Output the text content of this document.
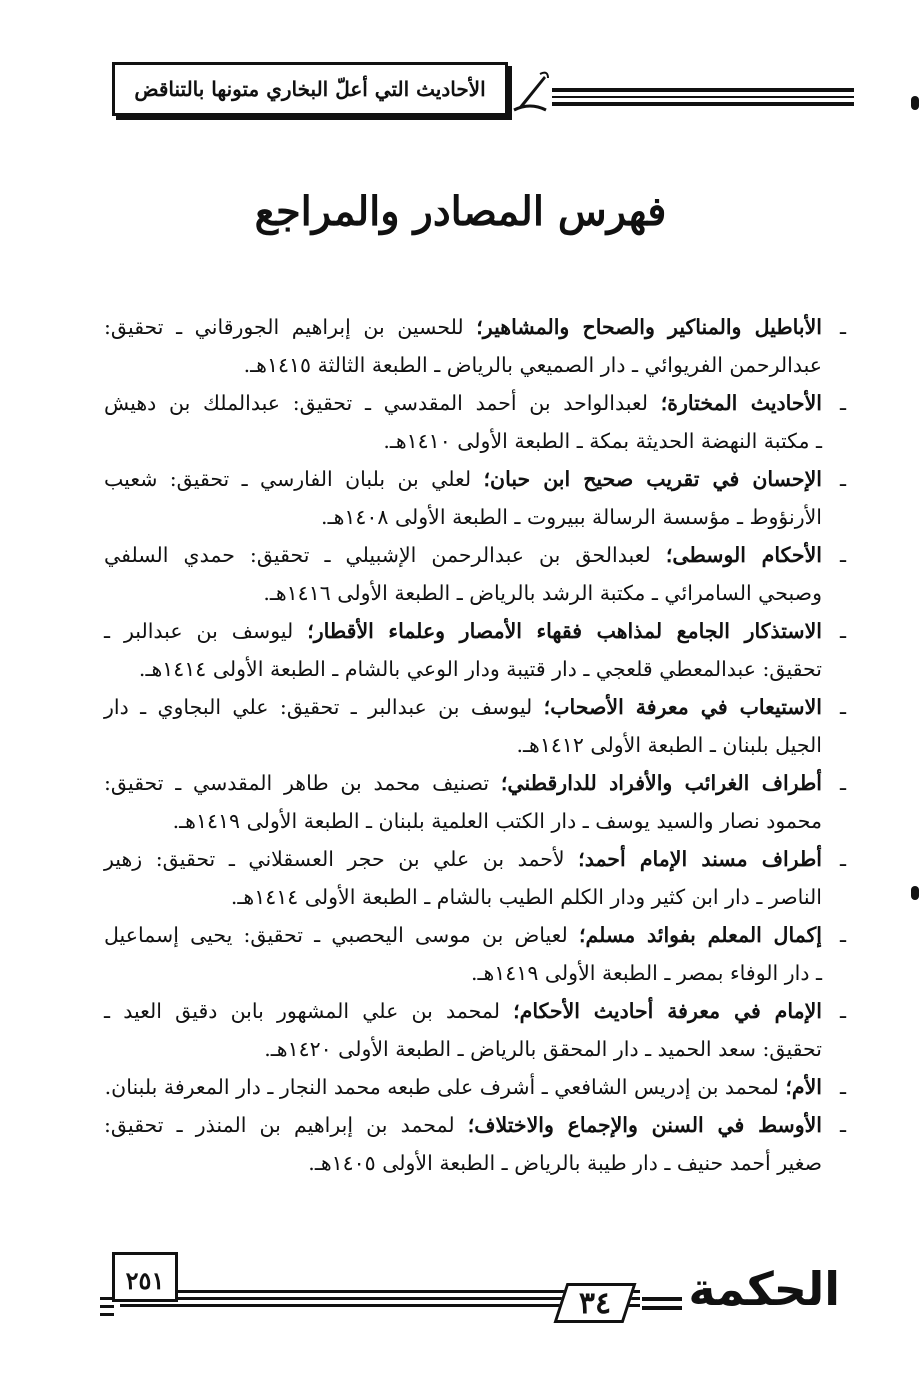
الأحاديث التي أعلّ البخاري متونها بالتناقض
فهرس المصادر والمراجع
ـ
الأباطيل والمناكير والصحاح والمشاهير؛ للحسين بن إبراهيم الجورقاني ـ تحقيق:
عبدالرحمن الفريوائي ـ دار الصميعي بالرياض ـ الطبعة الثالثة ١٤١٥هـ.
ـ
الأحاديث المختارة؛ لعبدالواحد بن أحمد المقدسي ـ تحقيق: عبدالملك بن دهيش
ـ مكتبة النهضة الحديثة بمكة ـ الطبعة الأولى ١٤١٠هـ.
ـ
الإحسان في تقريب صحيح ابن حبان؛ لعلي بن بلبان الفارسي ـ تحقيق: شعيب
الأرنؤوط ـ مؤسسة الرسالة ببيروت ـ الطبعة الأولى ١٤٠٨هـ.
ـ
الأحكام الوسطى؛ لعبدالحق بن عبدالرحمن الإشبيلي ـ تحقيق: حمدي السلفي
وصبحي السامرائي ـ مكتبة الرشد بالرياض ـ الطبعة الأولى ١٤١٦هـ.
ـ
الاستذكار الجامع لمذاهب فقهاء الأمصار وعلماء الأقطار؛ ليوسف بن عبدالبر ـ
تحقيق: عبدالمعطي قلعجي ـ دار قتيبة ودار الوعي بالشام ـ الطبعة الأولى ١٤١٤هـ.
ـ
الاستيعاب في معرفة الأصحاب؛ ليوسف بن عبدالبر ـ تحقيق: علي البجاوي ـ دار
الجيل بلبنان ـ الطبعة الأولى ١٤١٢هـ.
ـ
أطراف الغرائب والأفراد للدارقطني؛ تصنيف محمد بن طاهر المقدسي ـ تحقيق:
محمود نصار والسيد يوسف ـ دار الكتب العلمية بلبنان ـ الطبعة الأولى ١٤١٩هـ.
ـ
أطراف مسند الإمام أحمد؛ لأحمد بن علي بن حجر العسقلاني ـ تحقيق: زهير
الناصر ـ دار ابن كثير ودار الكلم الطيب بالشام ـ الطبعة الأولى ١٤١٤هـ.
ـ
إكمال المعلم بفوائد مسلم؛ لعياض بن موسى اليحصبي ـ تحقيق: يحيى إسماعيل
ـ دار الوفاء بمصر ـ الطبعة الأولى ١٤١٩هـ.
ـ
الإمام في معرفة أحاديث الأحكام؛ لمحمد بن علي المشهور بابن دقيق العيد ـ
تحقيق: سعد الحميد ـ دار المحقق بالرياض ـ الطبعة الأولى ١٤٢٠هـ.
ـ
الأم؛ لمحمد بن إدريس الشافعي ـ أشرف على طبعه محمد النجار ـ دار المعرفة بلبنان.
ـ
الأوسط في السنن والإجماع والاختلاف؛ لمحمد بن إبراهيم بن المنذر ـ تحقيق:
صغير أحمد حنيف ـ دار طيبة بالرياض ـ الطبعة الأولى ١٤٠٥هـ.
٢٥١
٣٤ الحكمة
